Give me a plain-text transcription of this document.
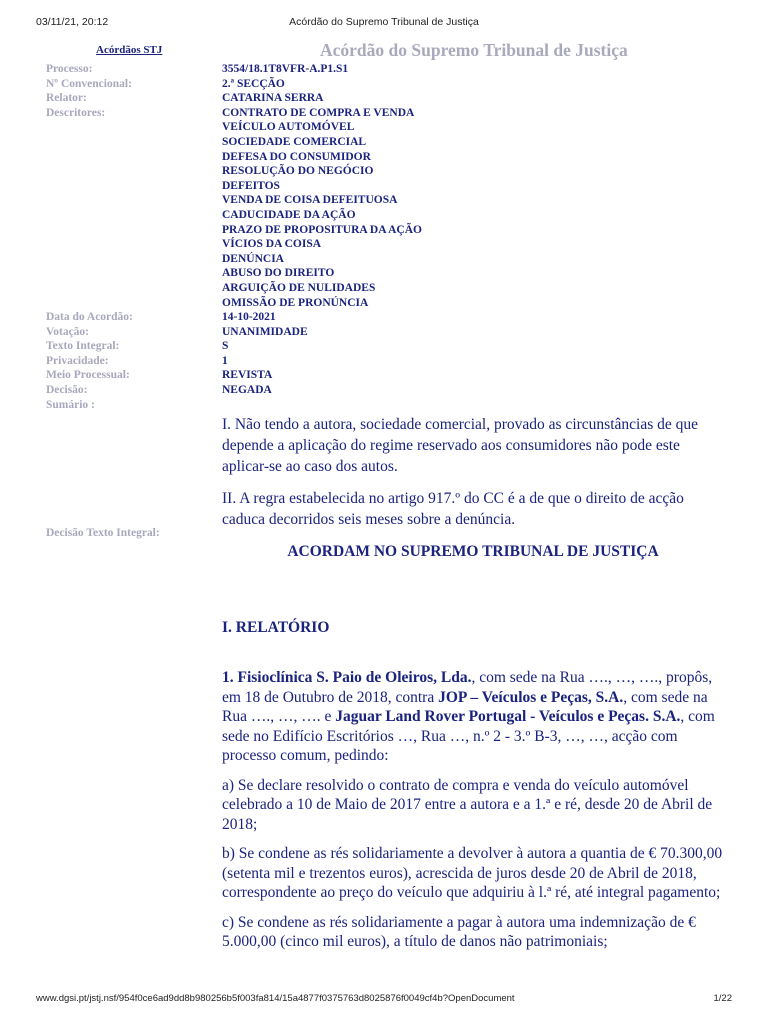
03/11/21, 20:12	Acórdão do Supremo Tribunal de Justiça
Acórdãos STJ	Acórdão do Supremo Tribunal de Justiça
Processo:	3554/18.1T8VFR-A.P1.S1
Nº Convencional:	2.ª SECÇÃO
Relator:	CATARINA SERRA
Descritores:	CONTRATO DE COMPRA E VENDA
VEÍCULO AUTOMÓVEL
SOCIEDADE COMERCIAL
DEFESA DO CONSUMIDOR
RESOLUÇÃO DO NEGÓCIO
DEFEITOS
VENDA DE COISA DEFEITUOSA
CADUCIDADE DA AÇÃO
PRAZO DE PROPOSITURA DA AÇÃO
VÍCIOS DA COISA
DENÚNCIA
ABUSO DO DIREITO
ARGUIÇÃO DE NULIDADES
OMISSÃO DE PRONÚNCIA
Data do Acordão:	14-10-2021
Votação:	UNANIMIDADE
Texto Integral:	S
Privacidade:	1
Meio Processual:	REVISTA
Decisão:	NEGADA
Sumário :

I. Não tendo a autora, sociedade comercial, provado as circunstâncias de que depende a aplicação do regime reservado aos consumidores não pode este aplicar-se ao caso dos autos.

II. A regra estabelecida no artigo 917.º do CC é a de que o direito de acção caduca decorridos seis meses sobre a denúncia.

Decisão Texto Integral:

ACORDAM NO SUPREMO TRIBUNAL DE JUSTIÇA

I. RELATÓRIO

1. Fisioclínica S. Paio de Oleiros, Lda., com sede na Rua …., …, …., propôs, em 18 de Outubro de 2018, contra JOP – Veículos e Peças, S.A., com sede na Rua …., …, …. e Jaguar Land Rover Portugal - Veículos e Peças. S.A., com sede no Edifício Escritórios …, Rua …, n.º 2 - 3.º B-3, …, …, acção com processo comum, pedindo:

a) Se declare resolvido o contrato de compra e venda do veículo automóvel celebrado a 10 de Maio de 2017 entre a autora e a 1.ª e ré, desde 20 de Abril de 2018;

b) Se condene as rés solidariamente a devolver à autora a quantia de € 70.300,00 (setenta mil e trezentos euros), acrescida de juros desde 20 de Abril de 2018, correspondente ao preço do veículo que adquiriu à l.ª ré, até integral pagamento;

c) Se condene as rés solidariamente a pagar à autora uma indemnização de € 5.000,00 (cinco mil euros), a título de danos não patrimoniais;

www.dgsi.pt/jstj.nsf/954f0ce6ad9dd8b980256b5f003fa814/15a4877f0375763d8025876f0049cf4b?OpenDocument	1/22
